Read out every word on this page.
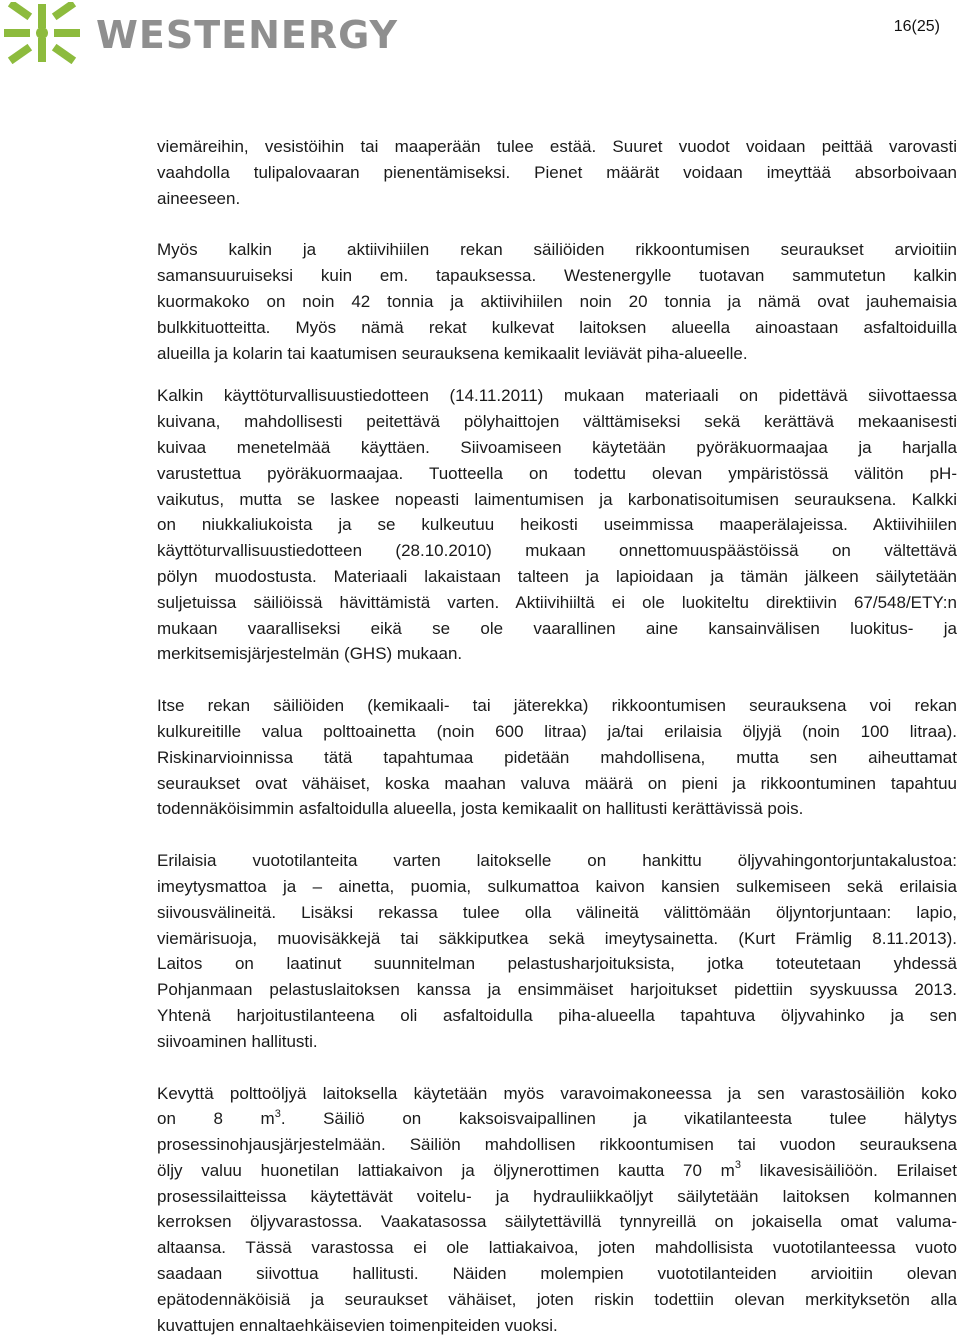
WESTENERGY	16(25)
viemäreihin, vesistöihin tai maaperään tulee estää. Suuret vuodot voidaan peittää varovasti
vaahdolla tulipalovaaran pienentämiseksi. Pienet määrät voidaan imeyttää absorboivaan
aineeseen.
Myös kalkin ja aktiivihiilen rekan säiliöiden rikkoontumisen seuraukset arvioitiin
samansuuruiseksi kuin em. tapauksessa. Westenergylle tuotavan sammutetun kalkin
kuormakoko on noin 42 tonnia ja aktiivihiilen noin 20 tonnia ja nämä ovat jauhemaisia
bulkkituotteitta. Myös nämä rekat kulkevat laitoksen alueella ainoastaan asfaltoiduilla
alueilla ja kolarin tai kaatumisen seurauksena kemikaalit leviävät piha-alueelle.
Kalkin käyttöturvallisuustiedotteen (14.11.2011) mukaan materiaali on pidettävä siivottaessa
kuivana, mahdollisesti peitettävä pölyhaittojen välttämiseksi sekä kerättävä mekaanisesti
kuivaa menetelmää käyttäen. Siivoamiseen käytetään pyöräkuormaajaa ja harjalla
varustettua pyöräkuormaajaa. Tuotteella on todettu olevan ympäristössä välitön pH-
vaikutus, mutta se laskee nopeasti laimentumisen ja karbonatisoitumisen seurauksena. Kalkki
on niukkaliukoista ja se kulkeutuu heikosti useimmissa maaperälajeissa. Aktiivihiilen
käyttöturvallisuustiedotteen (28.10.2010) mukaan onnettomuuspäästöissä on vältettävä
pölyn muodostusta. Materiaali lakaistaan talteen ja lapioidaan ja tämän jälkeen säilytetään
suljetuissa säiliöissä hävittämistä varten. Aktiivihiiltä ei ole luokiteltu direktiivin 67/548/ETY:n
mukaan vaaralliseksi eikä se ole vaarallinen aine kansainvälisen luokitus- ja
merkitsemisjärjestelmän (GHS) mukaan.
Itse rekan säiliöiden (kemikaali- tai jäterekka) rikkoontumisen seurauksena voi rekan
kulkureitille valua polttoainetta (noin 600 litraa) ja/tai erilaisia öljyjä (noin 100 litraa).
Riskinarvioinnissa tätä tapahtumaa pidetään mahdollisena, mutta sen aiheuttamat
seuraukset ovat vähäiset, koska maahan valuva määrä on pieni ja rikkoontuminen tapahtuu
todennäköisimmin asfaltoidulla alueella, josta kemikaalit on hallitusti kerättävissä pois.
Erilaisia vuototilanteita varten laitokselle on hankittu öljyvahingontorjuntakalustoa:
imeytysmattoa ja – ainetta, puomia, sulkumattoa kaivon kansien sulkemiseen sekä erilaisia
siivousvälineitä. Lisäksi rekassa tulee olla välineitä välittömään öljyntorjuntaan: lapio,
viemärisuoja, muovisäkkejä tai säkkiputkea sekä imeytysainetta. (Kurt Främlig 8.11.2013).
Laitos on laatinut suunnitelman pelastusharjoituksista, jotka toteutetaan yhdessä
Pohjanmaan pelastuslaitoksen kanssa ja ensimmäiset harjoitukset pidettiin syyskuussa 2013.
Yhtenä harjoitustilanteena oli asfaltoidulla piha-alueella tapahtuva öljyvahinko ja sen
siivoaminen hallitusti.
Kevyttä polttoöljyä laitoksella käytetään myös varavoimakoneessa ja sen varastosäiliön koko
on 8 $m^3$. Säiliö on kaksoisvaipallinen ja vikatilanteesta tulee hälytys
prosessinohjausjärjestelmään. Säiliön mahdollisen rikkoontumisen tai vuodon seurauksena
öljy valuu huonetilan lattiakaivon ja öljynerottimen kautta 70 $m^3$ likavesisäiliöön. Erilaiset
prosessilaitteissa käytettävät voitelu- ja hydrauliikkaöljyt säilytetään laitoksen kolmannen
kerroksen öljyvarastossa. Vaakatasossa säilytettävillä tynnyreillä on jokaisella omat valuma-
altaansa. Tässä varastossa ei ole lattiakaivoa, joten mahdollisista vuototilanteessa vuoto
saadaan siivottua hallitusti. Näiden molempien vuototilanteiden arvioitiin olevan
epätodennäköisiä ja seuraukset vähäiset, joten riskin todettiin olevan merkityksetön alla
kuvattujen ennaltaehkäisevien toimenpiteiden vuoksi.
